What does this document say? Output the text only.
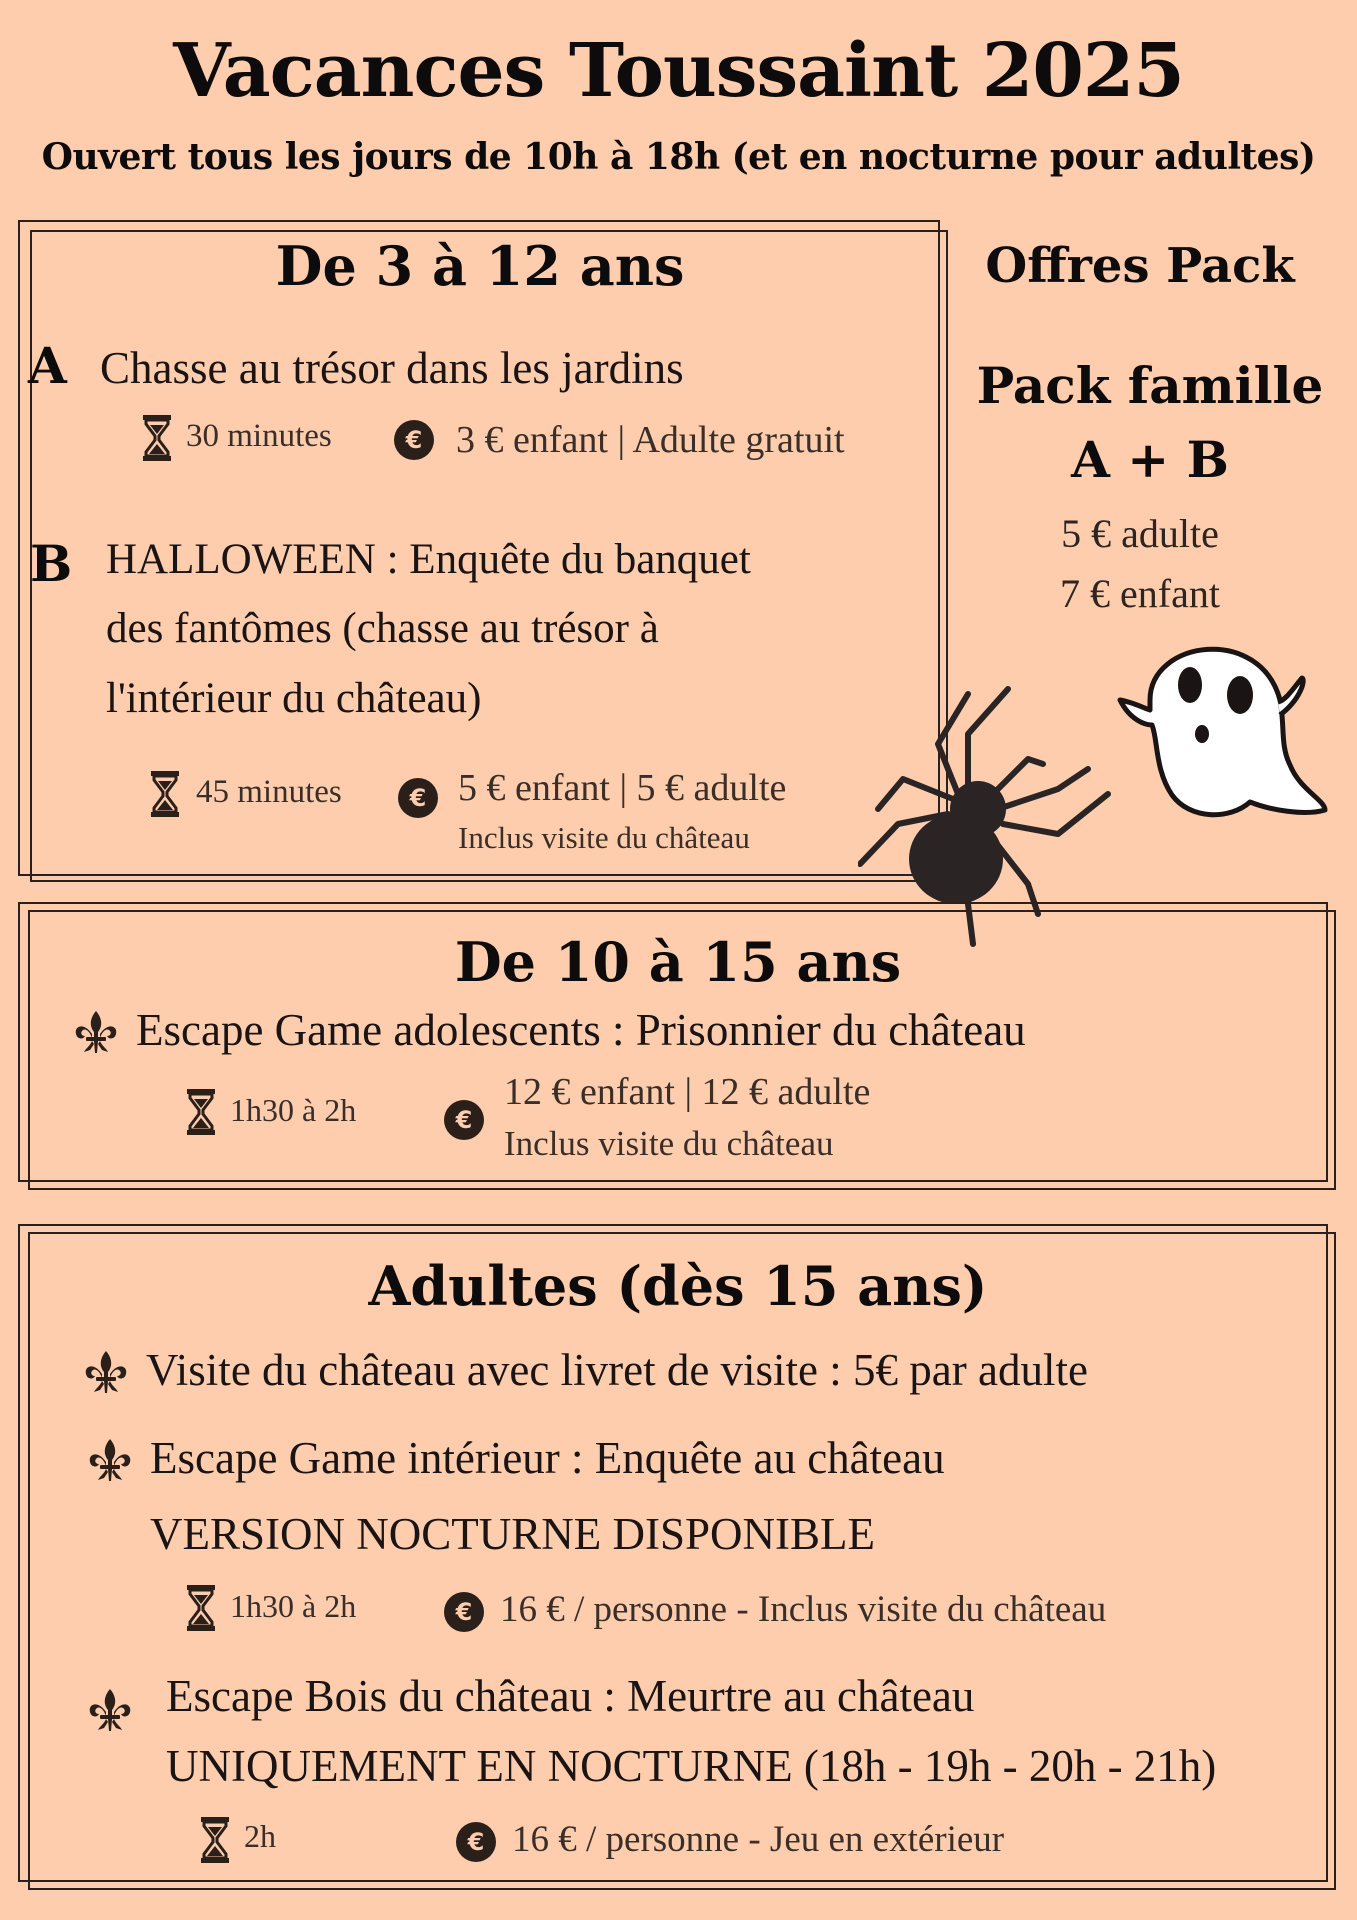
Vacances Toussaint 2025
Ouvert tous les jours de 10h à 18h (et en nocturne pour adultes)
De 3 à 12 ans
A Chasse au trésor dans les jardins
30 minutes	€ 3 € enfant | Adulte gratuit
B HALLOWEEN : Enquête du banquet
des fantômes (chasse au trésor à
l'intérieur du château)
45 minutes	€ 5 € enfant | 5 € adulte
Inclus visite du château
Offres Pack
Pack famille
A + B
5 € adulte
7 € enfant
De 10 à 15 ans
Escape Game adolescents : Prisonnier du château
1h30 à 2h	€
12 € enfant | 12 € adulte
Inclus visite du château
Adultes (dès 15 ans)
Visite du château avec livret de visite : 5€ par adulte
Escape Game intérieur : Enquête au château
VERSION NOCTURNE DISPONIBLE
1h30 à 2h	€ 16 € / personne - Inclus visite du château
Escape Bois du château : Meurtre au château
UNIQUEMENT EN NOCTURNE (18h - 19h - 20h - 21h)
2h	€ 16 € / personne - Jeu en extérieur
